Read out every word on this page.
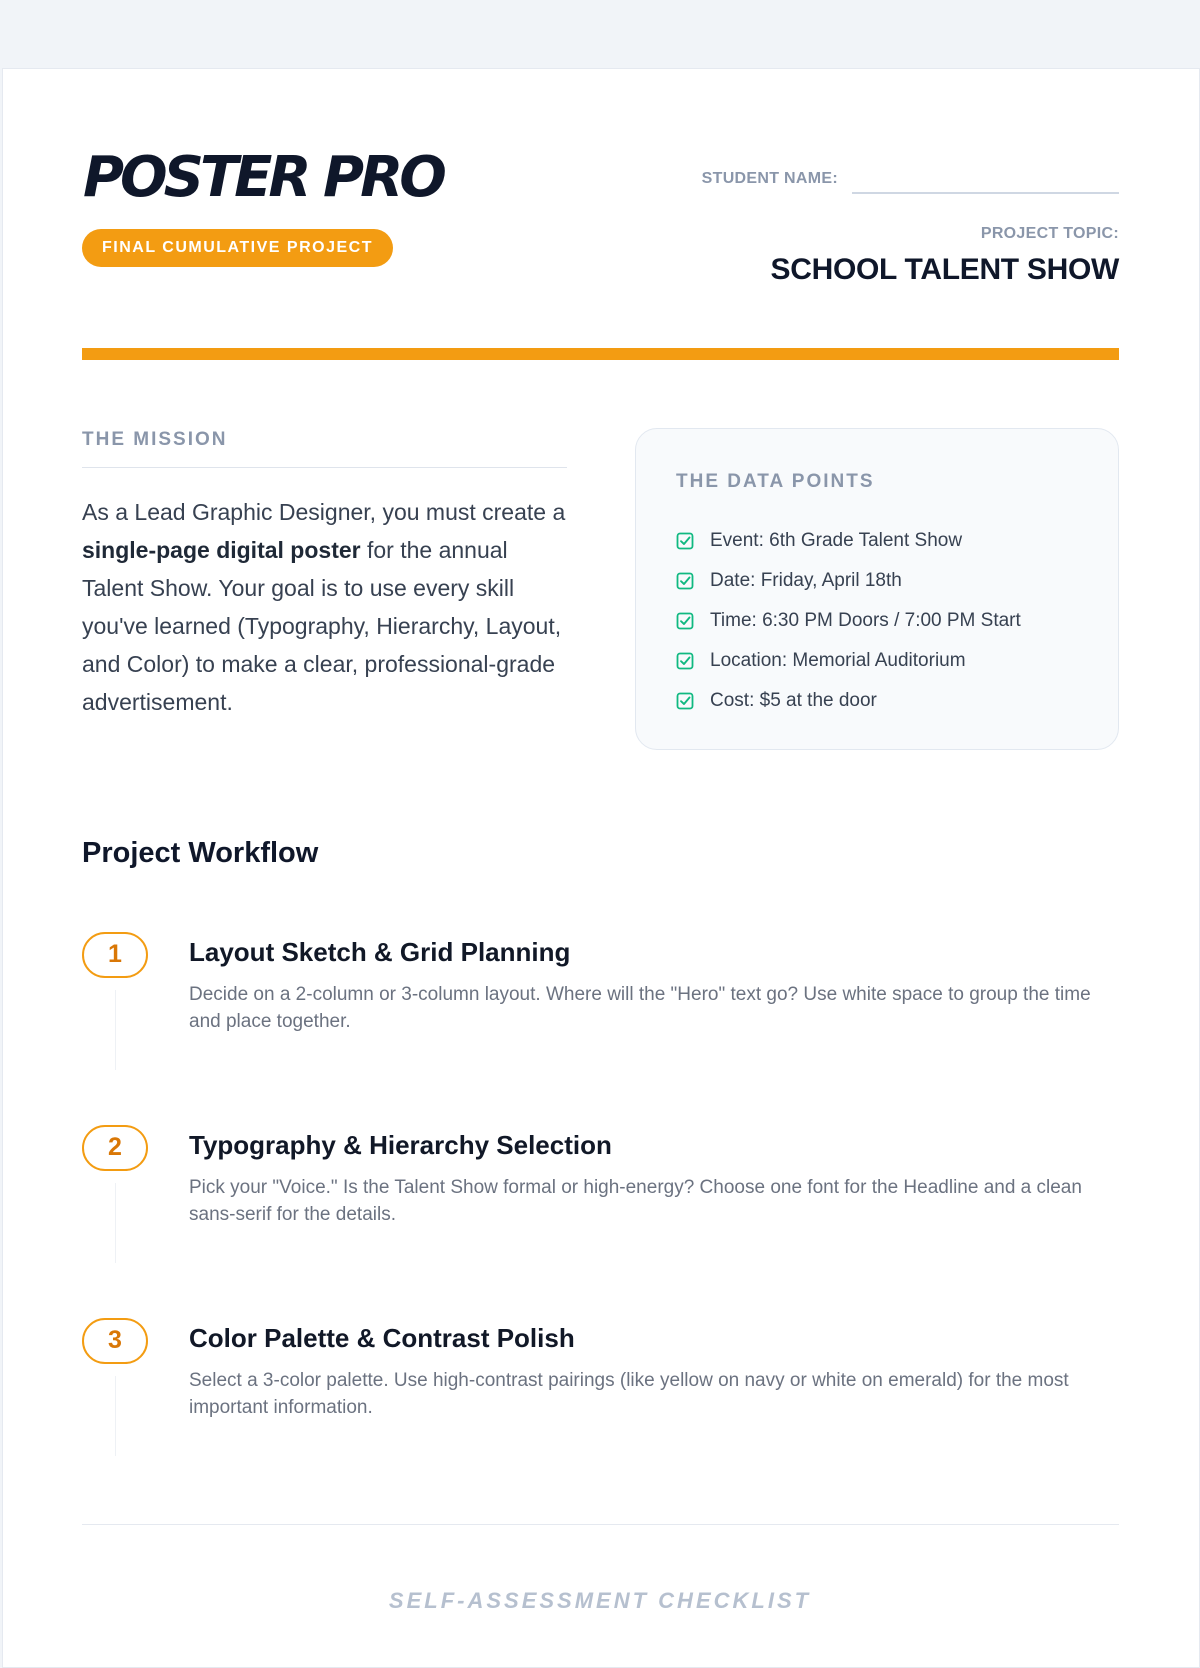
POSTER PRO
FINAL CUMULATIVE PROJECT
STUDENT NAME:
PROJECT TOPIC:
SCHOOL TALENT SHOW
THE MISSION

As a Lead Graphic Designer, you must create a single-page digital poster for the annual Talent Show. Your goal is to use every skill you've learned (Typography, Hierarchy, Layout, and Color) to make a clear, professional-grade advertisement.

THE DATA POINTS
Event: 6th Grade Talent Show
Date: Friday, April 18th
Time: 6:30 PM Doors / 7:00 PM Start
Location: Memorial Auditorium
Cost: $5 at the door
Project Workflow
1	Layout Sketch & Grid Planning
Decide on a 2-column or 3-column layout. Where will the "Hero" text go? Use white space to group the time and place together.
2	Typography & Hierarchy Selection
Pick your "Voice." Is the Talent Show formal or high-energy? Choose one font for the Headline and a clean sans-serif for the details.
3	Color Palette & Contrast Polish
Select a 3-color palette. Use high-contrast pairings (like yellow on navy or white on emerald) for the most important information.
SELF-ASSESSMENT CHECKLIST
